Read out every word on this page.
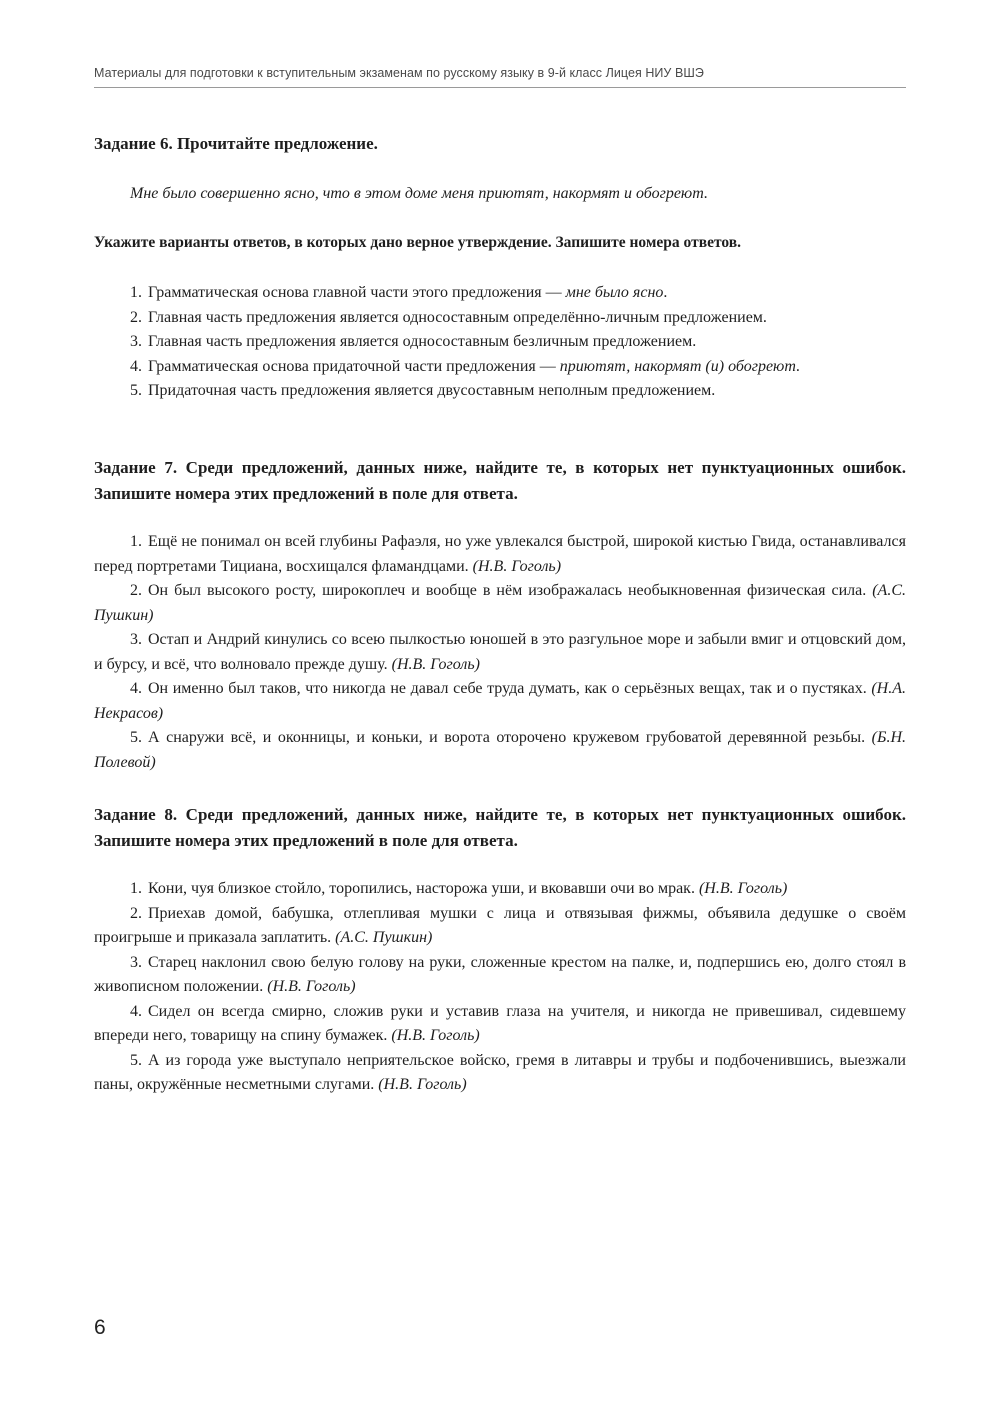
Материалы для подготовки к вступительным экзаменам по русскому языку в 9-й класс Лицея НИУ ВШЭ
Задание 6. Прочитайте предложение.

Мне было совершенно ясно, что в этом доме меня приютят, накормят и обогреют.

Укажите варианты ответов, в которых дано верное утверждение. Запишите номера ответов.

1. Грамматическая основа главной части этого предложения — мне было ясно.

2. Главная часть предложения является односоставным определённо-личным предложением.

3. Главная часть предложения является односоставным безличным предложением.

4. Грамматическая основа придаточной части предложения — приютят, накормят (и) обогреют.

5. Придаточная часть предложения является двусоставным неполным предложением.

Задание 7. Среди предложений, данных ниже, найдите те, в которых нет пунктуационных ошибок. Запишите номера этих предложений в поле для ответа.

1. Ещё не понимал он всей глубины Рафаэля, но уже увлекался быстрой, широкой кистью Гвида, останавливался перед портретами Тициана, восхищался фламандцами. (Н.В. Гоголь)

2. Он был высокого росту, широкоплеч и вообще в нём изображалась необыкновенная физическая сила. (А.С. Пушкин)

3. Остап и Андрий кинулись со всею пылкостью юношей в это разгульное море и забыли вмиг и отцовский дом, и бурсу, и всё, что волновало прежде душу. (Н.В. Гоголь)

4. Он именно был таков, что никогда не давал себе труда думать, как о серьёзных вещах, так и о пустяках. (Н.А. Некрасов)

5. А снаружи всё, и оконницы, и коньки, и ворота оторочено кружевом грубоватой деревянной резьбы. (Б.Н. Полевой)

Задание 8. Среди предложений, данных ниже, найдите те, в которых нет пунктуационных ошибок. Запишите номера этих предложений в поле для ответа.

1. Кони, чуя близкое стойло, торопились, насторожа уши, и вковавши очи во мрак. (Н.В. Гоголь)

2. Приехав домой, бабушка, отлепливая мушки с лица и отвязывая фижмы, объявила дедушке о своём проигрыше и приказала заплатить. (А.С. Пушкин)

3. Старец наклонил свою белую голову на руки, сложенные крестом на палке, и, подпершись ею, долго стоял в живописном положении. (Н.В. Гоголь)

4. Сидел он всегда смирно, сложив руки и уставив глаза на учителя, и никогда не привешивал, сидевшему впереди него, товарищу на спину бумажек. (Н.В. Гоголь)

5. А из города уже выступало неприятельское войско, гремя в литавры и трубы и подбоченившись, выезжали паны, окружённые несметными слугами. (Н.В. Гоголь)

6
